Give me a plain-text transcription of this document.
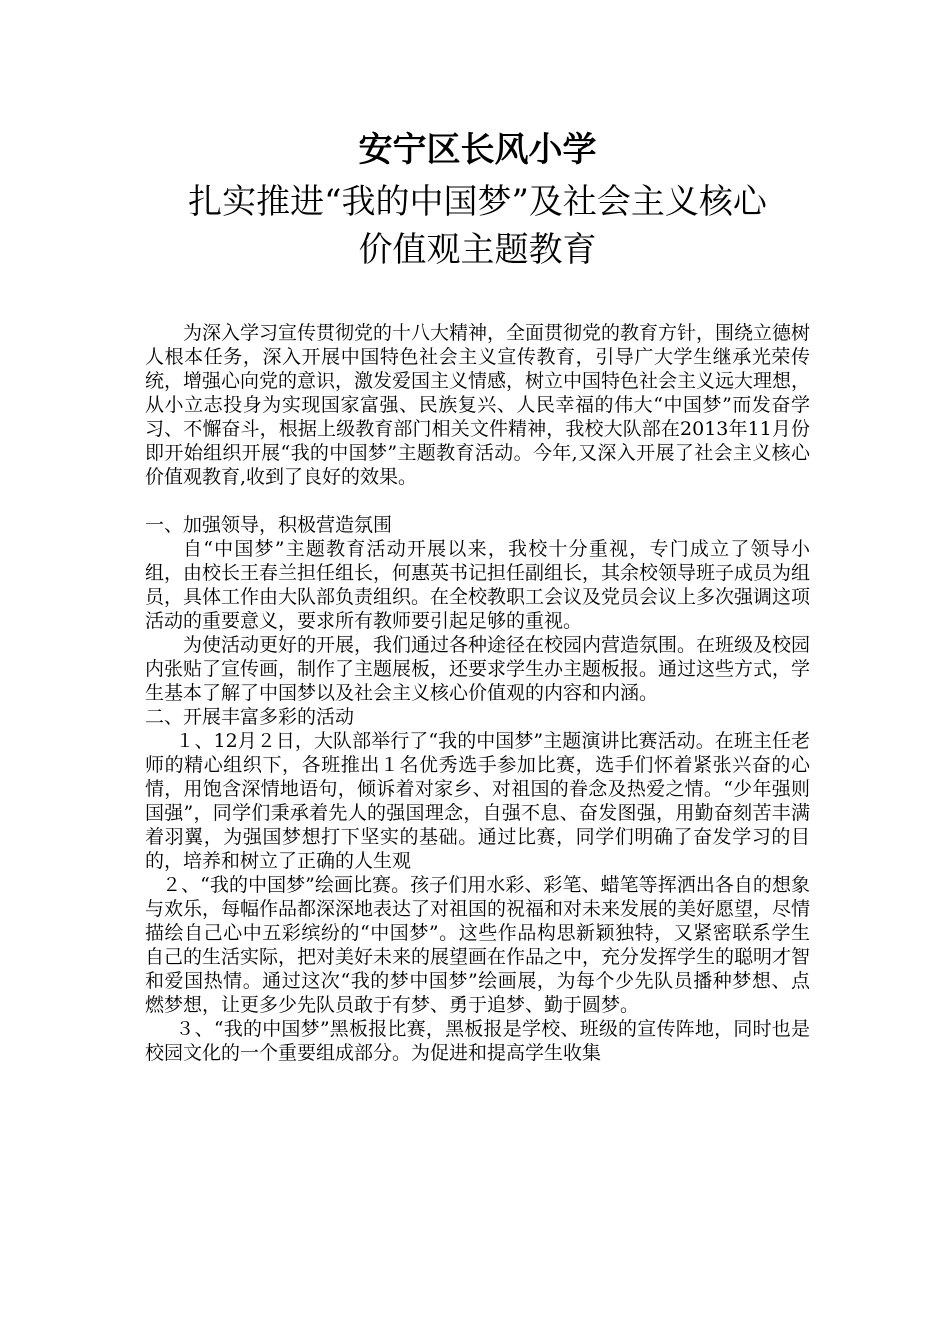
安宁区长风小学
扎实推进“我的中国梦”及社会主义核心
价值观主题教育

为深入学习宣传贯彻党的十八大精神，全面贯彻党的教育方针，围绕立德树人根本任务，深入开展中国特色社会主义宣传教育，引导广大学生继承光荣传统，增强心向党的意识，激发爱国主义情感，树立中国特色社会主义远大理想，从小立志投身为实现国家富强、民族复兴、人民幸福的伟大“中国梦”而发奋学习、不懈奋斗，根据上级教育部门相关文件精神，我校大队部在2013年11月份即开始组织开展“我的中国梦”主题教育活动。今年,又深入开展了社会主义核心价值观教育,收到了良好的效果。

一、加强领导，积极营造氛围

自“中国梦”主题教育活动开展以来，我校十分重视，专门成立了领导小组，由校长王春兰担任组长，何惠英书记担任副组长，其余校领导班子成员为组员，具体工作由大队部负责组织。在全校教职工会议及党员会议上多次强调这项活动的重要意义，要求所有教师要引起足够的重视。

为使活动更好的开展，我们通过各种途径在校园内营造氛围。在班级及校园内张贴了宣传画，制作了主题展板，还要求学生办主题板报。通过这些方式，学生基本了解了中国梦以及社会主义核心价值观的内容和内涵。

二、开展丰富多彩的活动

１、12月２日，大队部举行了“我的中国梦”主题演讲比赛活动。在班主任老师的精心组织下，各班推出１名优秀选手参加比赛，选手们怀着紧张兴奋的心情，用饱含深情地语句，倾诉着对家乡、对祖国的眷念及热爱之情。“少年强则国强”，同学们秉承着先人的强国理念，自强不息、奋发图强，用勤奋刻苦丰满着羽翼，为强国梦想打下坚实的基础。通过比赛，同学们明确了奋发学习的目的，培养和树立了正确的人生观

２、“我的中国梦”绘画比赛。孩子们用水彩、彩笔、蜡笔等挥洒出各自的想象与欢乐，每幅作品都深深地表达了对祖国的祝福和对未来发展的美好愿望，尽情描绘自己心中五彩缤纷的“中国梦”。这些作品构思新颖独特，又紧密联系学生自己的生活实际，把对美好未来的展望画在作品之中，充分发挥学生的聪明才智和爱国热情。通过这次“我的梦中国梦”绘画展，为每个少先队员播种梦想、点燃梦想，让更多少先队员敢于有梦、勇于追梦、勤于圆梦。

３、“我的中国梦”黑板报比赛，黑板报是学校、班级的宣传阵地，同时也是校园文化的一个重要组成部分。为促进和提高学生收集
